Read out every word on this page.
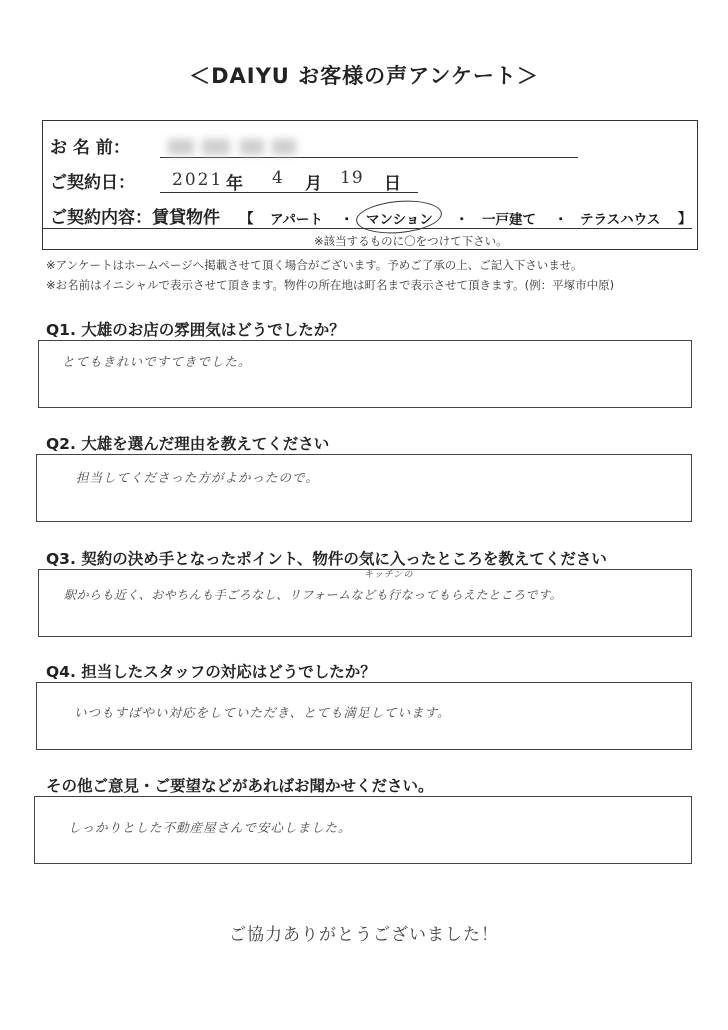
＜DAIYU お客様の声アンケート＞
お 名 前：
ご契約日： 2021 年 4 月 19 日
ご契約内容：賃貸物件 【 アパート ・ マンション ・ 一戸建て ・ テラスハウス 】
※該当するものに〇をつけて下さい。
※アンケートはホームページへ掲載させて頂く場合がございます。予めご了承の上、ご記入下さいませ。
※お名前はイニシャルで表示させて頂きます。物件の所在地は町名まで表示させて頂きます。(例：平塚市中原)
Q1. 大雄のお店の雰囲気はどうでしたか？
とてもきれいですてきでした。
Q2. 大雄を選んだ理由を教えてください
担当してくださった方がよかったので。
Q3. 契約の決め手となったポイント、物件の気に入ったところを教えてください
キッチンの
駅からも近く、おやちんも手ごろなし、リフォームなども行なってもらえたところです。
Q4. 担当したスタッフの対応はどうでしたか？
いつもすばやい対応をしていただき、とても満足しています。
その他ご意見・ご要望などがあればお聞かせください。
しっかりとした不動産屋さんで安心しました。
ご協力ありがとうございました！
